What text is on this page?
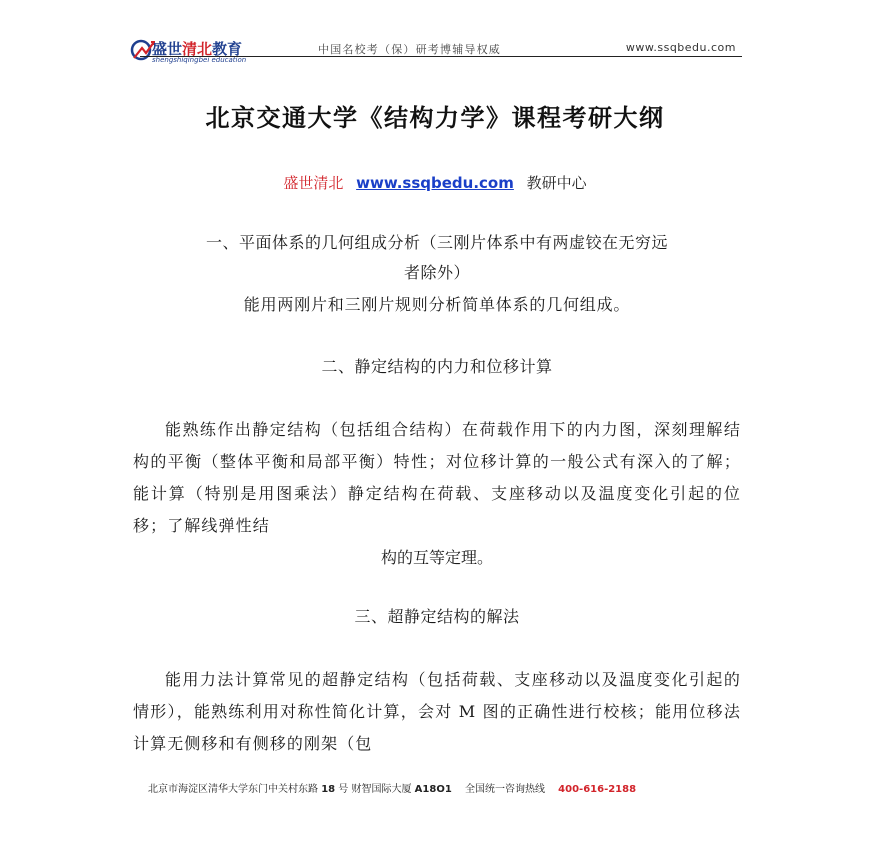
盛世清北教育
shengshiqingbei education
中国名校考（保）研考博辅导权威	www.ssqbedu.com
北京交通大学《结构力学》课程考研大纲
盛世清北 www.ssqbedu.com 教研中心
一、平面体系的几何组成分析（三刚片体系中有两虚铰在无穷远
者除外）
能用两刚片和三刚片规则分析简单体系的几何组成。
二、静定结构的内力和位移计算
能熟练作出静定结构（包括组合结构）在荷载作用下的内力图，深刻理解结构的平衡（整体平衡和局部平衡）特性；对位移计算的一般公式有深入的了解；能计算（特别是用图乘法）静定结构在荷载、支座移动以及温度变化引起的位移；了解线弹性结
构的互等定理。
三、超静定结构的解法
能用力法计算常见的超静定结构（包括荷载、支座移动以及温度变化引起的情形），能熟练利用对称性简化计算，会对 M 图的正确性进行校核；能用位移法计算无侧移和有侧移的刚架（包
北京市海淀区清华大学东门中关村东路 18 号 财智国际大厦 A18O1 全国统一咨询热线 400-616-2188
